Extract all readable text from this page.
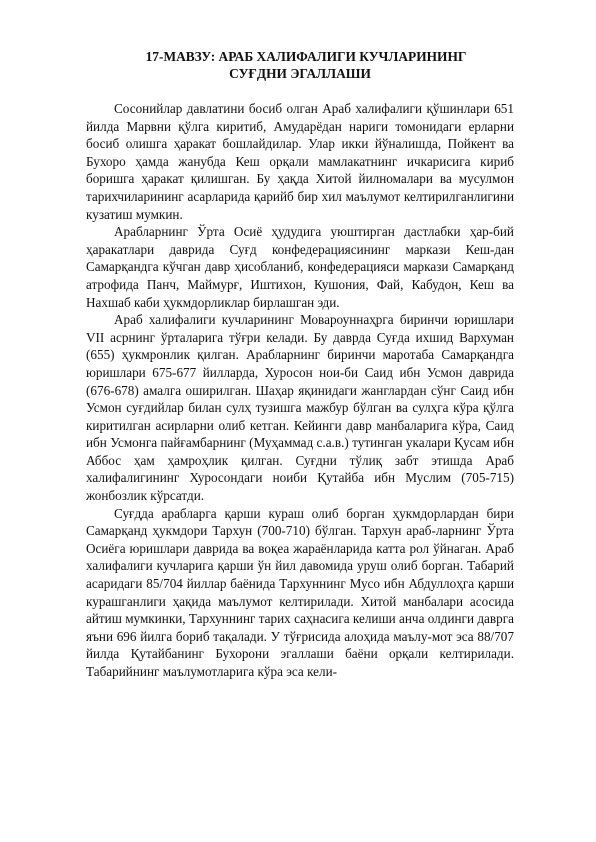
17-МАВЗУ: АРАБ ХАЛИФАЛИГИ КУЧЛАРИНИНГ
СУҒДНИ ЭГАЛЛАШИ

Сосонийлар давлатини босиб олган Араб халифалиги қўшинлари 651 йилда Марвни қўлга киритиб, Амударёдан нариги томонидаги ерларни босиб олишга ҳаракат бошлайдилар. Улар икки йўналишда, Пойкент ва Бухоро ҳамда жанубда Кеш орқали мамлакатнинг ичкарисига кириб боришга ҳаракат қилишган. Бу ҳақда Хитой йилномалари ва мусулмон тарихчиларининг асарларида қарийб бир хил маълумот келтирилганлигини кузатиш мумкин.

Арабларнинг Ўрта Осиё ҳудудига уюштирган дастлабки ҳар-бий ҳаракатлари даврида Суғд конфедерациясининг маркази Кеш-дан Самарқандга кўчган давр ҳисобланиб, конфедерацияси маркази Самарқанд атрофида Панч, Маймурғ, Иштихон, Кушония, Фай, Кабудон, Кеш ва Нахшаб каби ҳукмдорликлар бирлашган эди.

Араб халифалиги кучларининг Мовароуннаҳрга биринчи юришлари VII асрнинг ўрталарига тўғри келади. Бу даврда Суғда ихшид Вархуман (655) ҳукмронлик қилган. Арабларнинг биринчи маротаба Самарқандга юришлари 675-677 йилларда, Хуросон нои-би Саид ибн Усмон даврида (676-678) амалга оширилган. Шаҳар яқинидаги жанглардан сўнг Саид ибн Усмон суғдийлар билан сулҳ тузишга мажбур бўлган ва сулҳга кўра қўлга киритилган асирларни олиб кетган. Кейинги давр манбаларига кўра, Саид ибн Усмонга пайғамбарнинг (Муҳаммад с.а.в.) тутинган укалари Қусам ибн Аббос ҳам ҳамроҳлик қилган. Суғдни тўлиқ забт этишда Араб халифалигининг Хуросондаги ноиби Қутайба ибн Муслим (705-715) жонбозлик кўрсатди.

Суғдда арабларга қарши кураш олиб борган ҳукмдорлардан бири Самарқанд ҳукмдори Тархун (700-710) бўлган. Тархун араб-ларнинг Ўрта Осиёга юришлари даврида ва воқеа жараёнларида катта рол ўйнаган. Араб халифалиги кучларига қарши ўн йил давомида уруш олиб борган. Табарий асаридаги 85/704 йиллар баёнида Тархуннинг Мусо ибн Абдуллоҳга қарши курашганлиги ҳақида маълумот келтирилади. Хитой манбалари асосида айтиш мумкинки, Тархуннинг тарих саҳнасига келиши анча олдинги даврга яъни 696 йилга бориб тақалади. У тўғрисида алоҳида маълу-мот эса 88/707 йилда Қутайбанинг Бухорони эгаллаши баёни орқали келтирилади. Табарийнинг маълумотларига кўра эса кели-
